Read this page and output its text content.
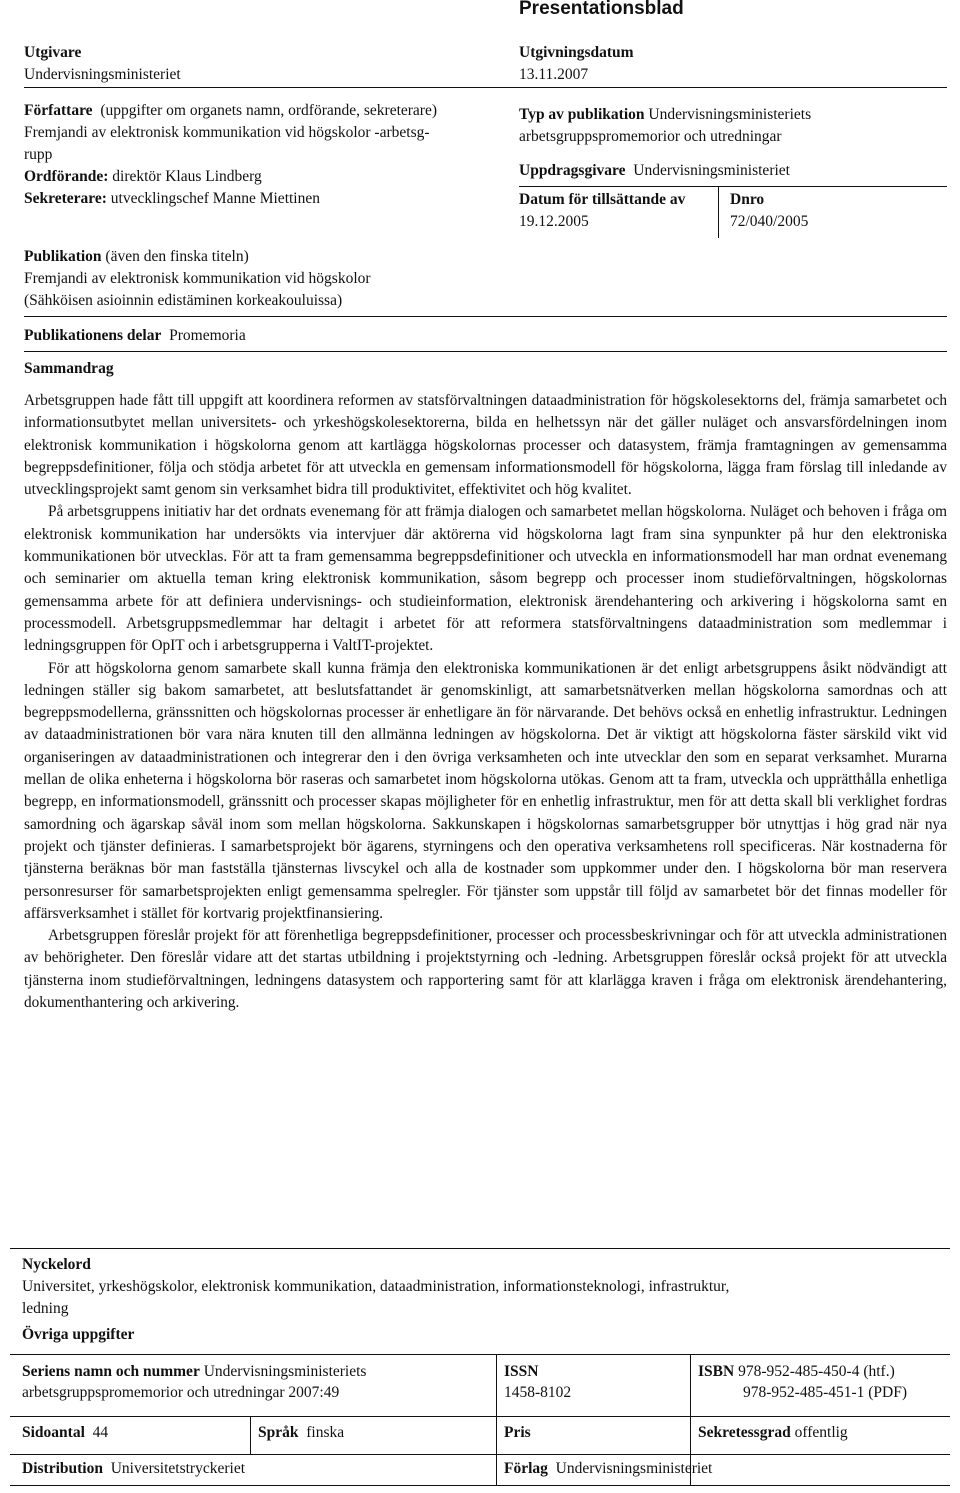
Presentationsblad
Utgivare
Undervisningsministeriet
Utgivningsdatum
13.11.2007
Författare (uppgifter om organets namn, ordförande, sekreterare)
Fremjandi av elektronisk kommunikation vid högskolor -arbetsg-
rupp
Ordförande: direktör Klaus Lindberg
Sekreterare: utvecklingschef Manne Miettinen
Typ av publikation Undervisningsministeriets
arbetsgruppspromemorior och utredningar
Uppdragsgivare Undervisningsministeriet
Datum för tillsättande av
19.12.2005
Dnro
72/040/2005
Publikation (även den finska titeln)
Fremjandi av elektronisk kommunikation vid högskolor
(Sähköisen asioinnin edistäminen korkeakouluissa)
Publikationens delar Promemoria
Sammandrag

Arbetsgruppen hade fått till uppgift att koordinera reformen av statsförvaltningen dataadministration för högskolesektorns del, främja samarbetet och informationsutbytet mellan universitets- och yrkeshögskolesektorerna, bilda en helhetssyn när det gäller nuläget och ansvarsfördelningen inom elektronisk kommunikation i högskolorna genom att kartlägga högskolornas processer och datasystem, främja framtagningen av gemensamma begreppsdefinitioner, följa och stödja arbetet för att utveckla en gemensam informationsmodell för högskolorna, lägga fram förslag till inledande av utvecklingsprojekt samt genom sin verksamhet bidra till produktivitet, effektivitet och hög kvalitet.

På arbetsgruppens initiativ har det ordnats evenemang för att främja dialogen och samarbetet mellan högskolorna. Nuläget och behoven i fråga om elektronisk kommunikation har undersökts via intervjuer där aktörerna vid högskolorna lagt fram sina synpunkter på hur den elektroniska kommunikationen bör utvecklas. För att ta fram gemensamma begreppsdefinitioner och utveckla en informationsmodell har man ordnat evenemang och seminarier om aktuella teman kring elektronisk kommunikation, såsom begrepp och processer inom studieförvaltningen, högskolornas gemensamma arbete för att definiera undervisnings- och studieinformation, elektronisk ärendehantering och arkivering i högskolorna samt en processmodell. Arbetsgruppsmedlemmar har deltagit i arbetet för att reformera statsförvaltningens dataadministration som medlemmar i ledningsgruppen för OpIT och i arbetsgrupperna i ValtIT-projektet.

För att högskolorna genom samarbete skall kunna främja den elektroniska kommunikationen är det enligt arbetsgruppens åsikt nödvändigt att ledningen ställer sig bakom samarbetet, att beslutsfattandet är genomskinligt, att samarbetsnätverken mellan högskolorna samordnas och att begreppsmodellerna, gränssnitten och högskolornas processer är enhetligare än för närvarande. Det behövs också en enhetlig infrastruktur. Ledningen av dataadministrationen bör vara nära knuten till den allmänna ledningen av högskolorna. Det är viktigt att högskolorna fäster särskild vikt vid organiseringen av dataadministrationen och integrerar den i den övriga verksamheten och inte utvecklar den som en separat verksamhet. Murarna mellan de olika enheterna i högskolorna bör raseras och samarbetet inom högskolorna utökas. Genom att ta fram, utveckla och upprätthålla enhetliga begrepp, en informationsmodell, gränssnitt och processer skapas möjligheter för en enhetlig infrastruktur, men för att detta skall bli verklighet fordras samordning och ägarskap såväl inom som mellan högskolorna. Sakkunskapen i högskolornas samarbetsgrupper bör utnyttjas i hög grad när nya projekt och tjänster definieras. I samarbetsprojekt bör ägarens, styrningens och den operativa verksamhetens roll specificeras. När kostnaderna för tjänsterna beräknas bör man fastställa tjänsternas livscykel och alla de kostnader som uppkommer under den. I högskolorna bör man reservera personresurser för samarbetsprojekten enligt gemensamma spelregler. För tjänster som uppstår till följd av samarbetet bör det finnas modeller för affärsverksamhet i stället för kortvarig projektfinansiering.

Arbetsgruppen föreslår projekt för att förenhetliga begreppsdefinitioner, processer och processbeskrivningar och för att utveckla administrationen av behörigheter. Den föreslår vidare att det startas utbildning i projektstyrning och -ledning. Arbetsgruppen föreslår också projekt för att utveckla tjänsterna inom studieförvaltningen, ledningens datasystem och rapportering samt för att klarlägga kraven i fråga om elektronisk ärendehantering, dokumenthantering och arkivering.

Nyckelord
Universitet, yrkeshögskolor, elektronisk kommunikation, dataadministration, informationsteknologi, infrastruktur,
ledning
Övriga uppgifter
Seriens namn och nummer Undervisningsministeriets
arbetsgruppspromemorior och utredningar 2007:49
ISSN
1458-8102
ISBN 978-952-485-450-4 (htf.)
978-952-485-451-1 (PDF)
Sidoantal 44	Språk finska	Pris	Sekretessgrad offentlig
Distribution Universitetstryckeriet	Förlag Undervisningsministeriet
